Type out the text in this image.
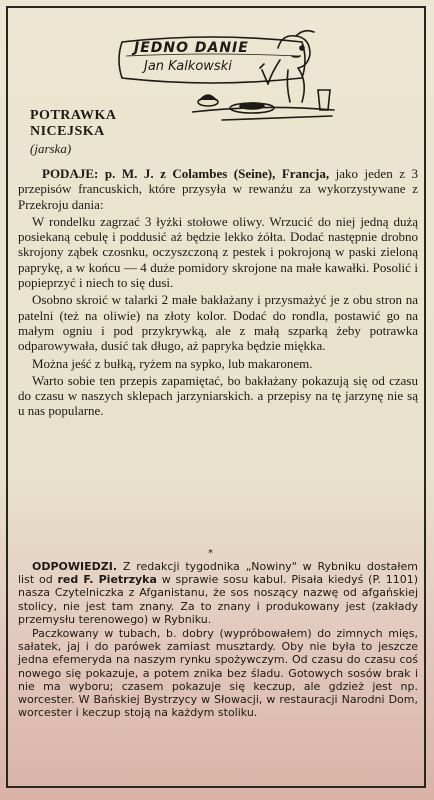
JEDNO DANIE
Jan Kalkowski
POTRAWKA
NICEJSKA
(jarska)

PODAJE: p. M. J. z Colambes (Seine), Francja, jako jeden z 3 przepisów francuskich, które przysyła w rewanżu za wykorzystywane z Przekroju dania:

W rondelku zagrzać 3 łyżki stołowe oliwy. Wrzucić do niej jedną dużą posiekaną cebulę i poddusić aż będzie lekko żółta. Dodać następnie drobno skrojony ząbek czosnku, oczyszczoną z pestek i pokrojoną w paski zieloną paprykę, a w końcu — 4 duże pomidory skrojone na małe kawałki. Posolić i popieprzyć i niech to się dusi.

Osobno skroić w talarki 2 małe bakłażany i przysmażyć je z obu stron na patelni (też na oliwie) na złoty kolor. Dodać do rondla, postawić go na małym ogniu i pod przykrywką, ale z małą szparką żeby potrawka odparowywała, dusić tak długo, aż papryka będzie miękka.

Można jeść z bułką, ryżem na sypko, lub makaronem.

Warto sobie ten przepis zapamiętać, bo bakłażany pokazują się od czasu do czasu w naszych sklepach jarzyniarskich. a przepisy na tę jarzynę nie są u nas popularne.

*

ODPOWIEDZI. Z redakcji tygodnika „Nowiny" w Rybniku dostałem list od red F. Pietrzyka w sprawie sosu kabul. Pisała kiedyś (P. 1101) nasza Czytelniczka z Afganistanu, że sos noszący nazwę od afgańskiej stolicy, nie jest tam znany. Za to znany i produkowany jest (zakłady przemysłu terenowego) w Rybniku.

Paczkowany w tubach, b. dobry (wypróbowałem) do zimnych mięs, sałatek, jaj i do parówek zamiast musztardy. Oby nie była to jeszcze jedna efemeryda na naszym rynku spożywczym. Od czasu do czasu coś nowego się pokazuje, a potem znika bez śladu. Gotowych sosów brak i nie ma wyboru; czasem pokazuje się keczup, ale gdzież jest np. worcester. W Bańskiej Bystrzycy w Słowacji, w restauracji Narodni Dom, worcester i keczup stoją na każdym stoliku.
